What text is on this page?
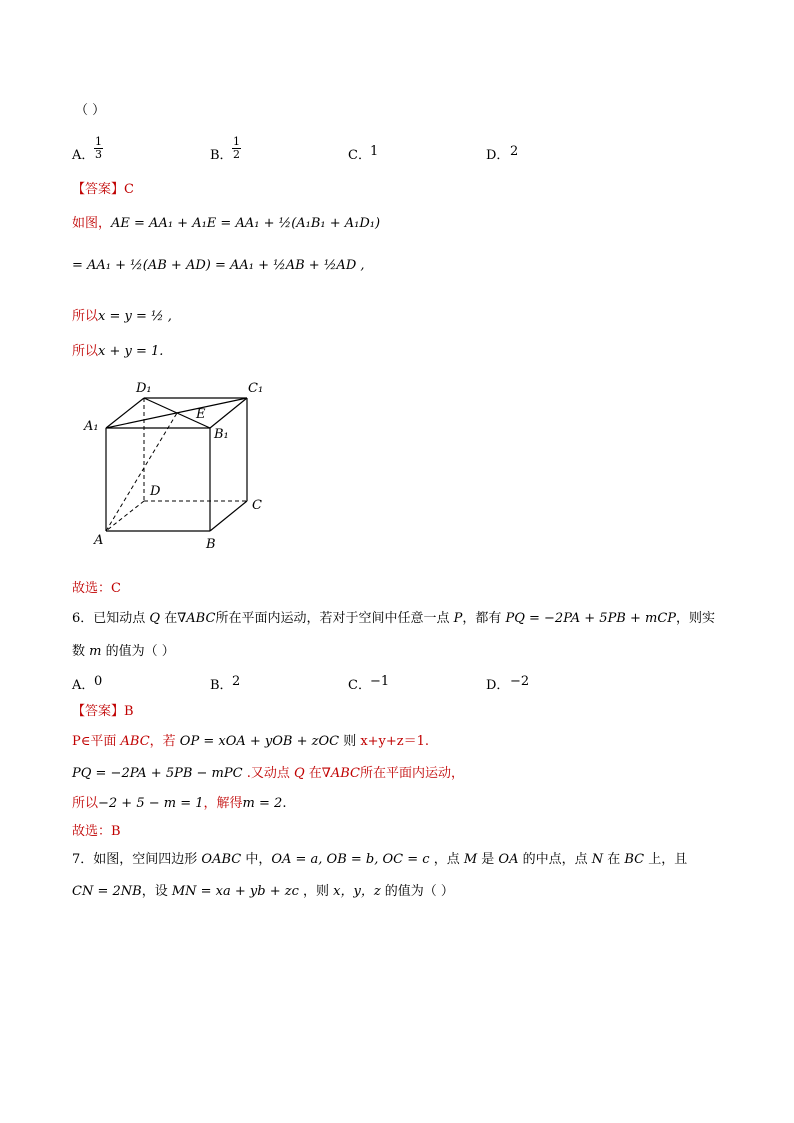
（ ）
A． $\frac{1}{3}$	B． $\frac{1}{2}$	C． 1	D． 2
【答案】C
如图，AE = AA₁ + A₁E = AA₁ + ½(A₁B₁ + A₁D₁)
= AA₁ + ½(AB + AD) = AA₁ + ½AB + ½AD ,
所以x = y = ½ ,
所以x + y = 1.
D₁	C₁
A₁
B₁
E
D
C
A	B
故选：C
6．已知动点 Q 在∇ABC所在平面内运动，若对于空间中任意一点 P，都有 PQ = −2PA + 5PB + mCP，则实
数 m 的值为（ ）
A． 0	B． 2	C． −1	D． −2
【答案】B
P∈平面 ABC，若 OP = xOA + yOB + zOC 则 x+y+z＝1.
PQ = −2PA + 5PB − mPC .又动点 Q 在∇ABC所在平面内运动，
所以−2 + 5 − m = 1，解得m = 2.
故选：B
7．如图，空间四边形 OABC 中，OA = a, OB = b, OC = c ，点 M 是 OA 的中点，点 N 在 BC 上，且
CN = 2NB，设 MN = xa + yb + zc ，则 x，y，z 的值为（ ）
